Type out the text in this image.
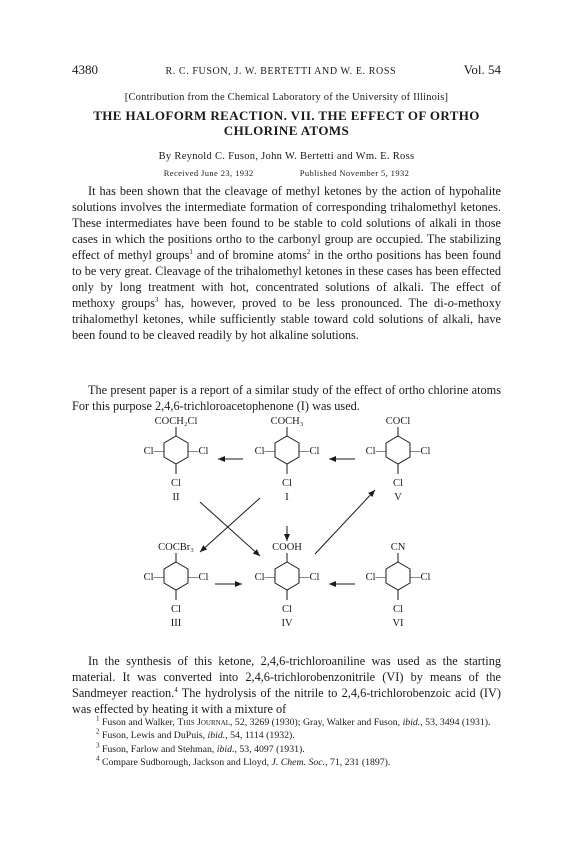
4380	R. C. FUSON, J. W. BERTETTI AND W. E. ROSS	Vol. 54
[Contribution from the Chemical Laboratory of the University of Illinois]
THE HALOFORM REACTION. VII. THE EFFECT OF ORTHO
CHLORINE ATOMS
By Reynold C. Fuson, John W. Bertetti and Wm. E. Ross
Received June 23, 1932	Published November 5, 1932

It has been shown that the cleavage of methyl ketones by the action of hypohalite solutions involves the intermediate formation of corresponding trihalomethyl ketones. These intermediates have been found to be stable to cold solutions of alkali in those cases in which the positions ortho to the carbonyl group are occupied. The stabilizing effect of methyl groups$^1$ and of bromine atoms$^2$ in the ortho positions has been found to be very great. Cleavage of the trihalomethyl ketones in these cases has been effected only by long treatment with hot, concentrated solutions of alkali. The effect of methoxy groups$^3$ has, however, proved to be less pronounced. The di-o-methoxy trihalomethyl ketones, while sufficiently stable toward cold solutions of alkali, have been found to be cleaved readily by hot alkaline solutions.

The present paper is a report of a similar study of the effect of ortho chlorine atoms For this purpose 2,4,6-trichloroacetophenone (I) was used.

COCH₂Cl	COCH₃	COCl
Cl— —Cl	Cl— —Cl	Cl— —Cl
Cl	Cl	Cl
II	I	V
COCBr₃	COOH	CN
Cl— —Cl	Cl— —Cl	Cl— —Cl
Cl	Cl	Cl
III	IV	VI

In the synthesis of this ketone, 2,4,6-trichloroaniline was used as the starting material. It was converted into 2,4,6-trichlorobenzonitrile (VI) by means of the Sandmeyer reaction.$^4$ The hydrolysis of the nitrile to 2,4,6-trichlorobenzoic acid (IV) was effected by heating it with a mixture of

$^1$ Fuson and Walker, This Journal, 52, 3269 (1930); Gray, Walker and Fuson, ibid., 53, 3494 (1931).

$^2$ Fuson, Lewis and DuPuis, ibid., 54, 1114 (1932).

$^3$ Fuson, Farlow and Stehman, ibid., 53, 4097 (1931).

$^4$ Compare Sudborough, Jackson and Lloyd, J. Chem. Soc., 71, 231 (1897).
